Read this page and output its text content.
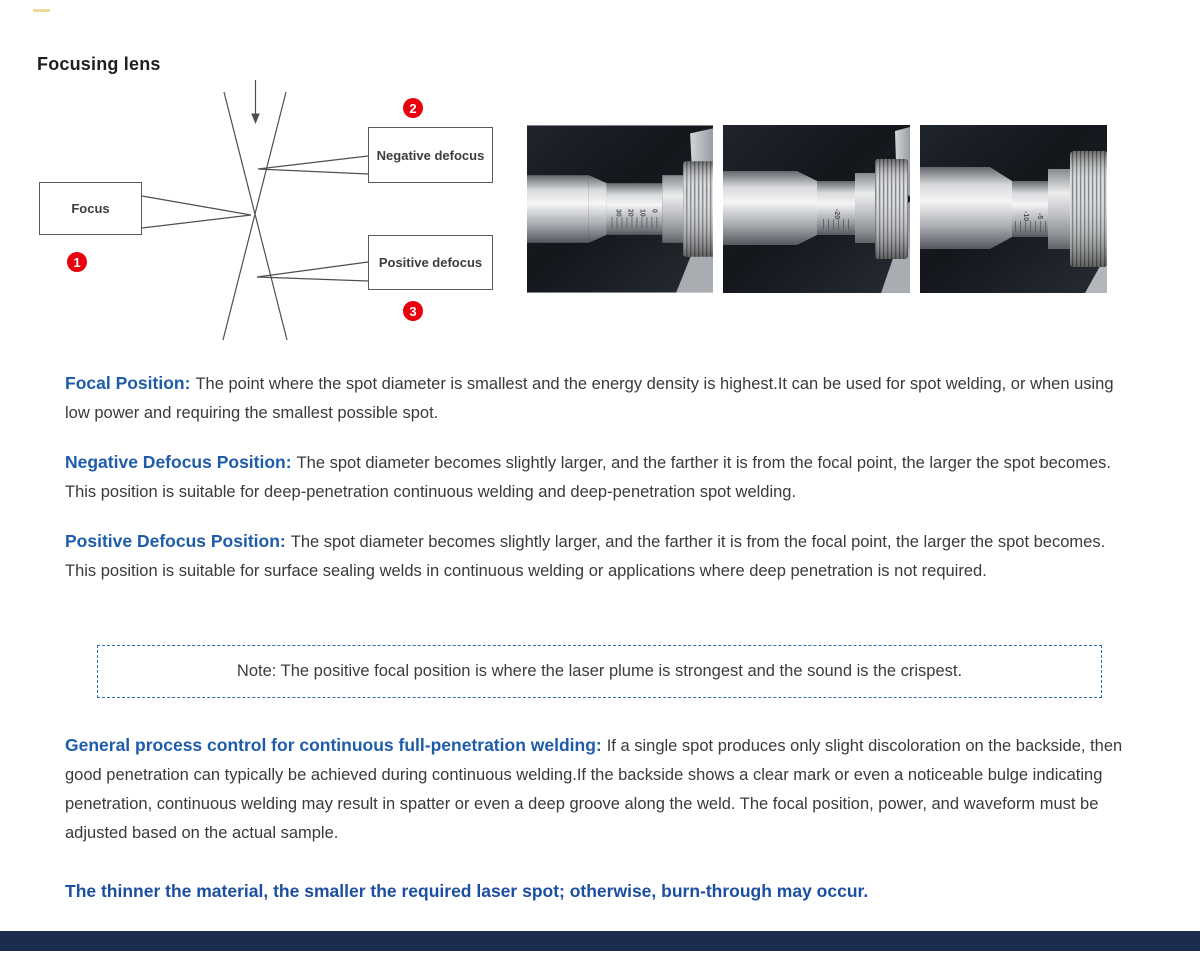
Focusing lens
Focus
Negative defocus
Positive defocus
1
2
3
30 20 10 0	-20	-10 -5
Focal Position: The point where the spot diameter is smallest and the energy density is highest.It can be used for spot welding, or when using low power and requiring the smallest possible spot.
Negative Defocus Position: The spot diameter becomes slightly larger, and the farther it is from the focal point, the larger the spot becomes. This position is suitable for deep-penetration continuous welding and deep-penetration spot welding.
Positive Defocus Position: The spot diameter becomes slightly larger, and the farther it is from the focal point, the larger the spot becomes. This position is suitable for surface sealing welds in continuous welding or applications where deep penetration is not required.
Note: The positive focal position is where the laser plume is strongest and the sound is the crispest.
General process control for continuous full-penetration welding: If a single spot produces only slight discoloration on the backside, then good penetration can typically be achieved during continuous welding.If the backside shows a clear mark or even a noticeable bulge indicating penetration, continuous welding may result in spatter or even a deep groove along the weld. The focal position, power, and waveform must be adjusted based on the actual sample.
The thinner the material, the smaller the required laser spot; otherwise, burn-through may occur.
